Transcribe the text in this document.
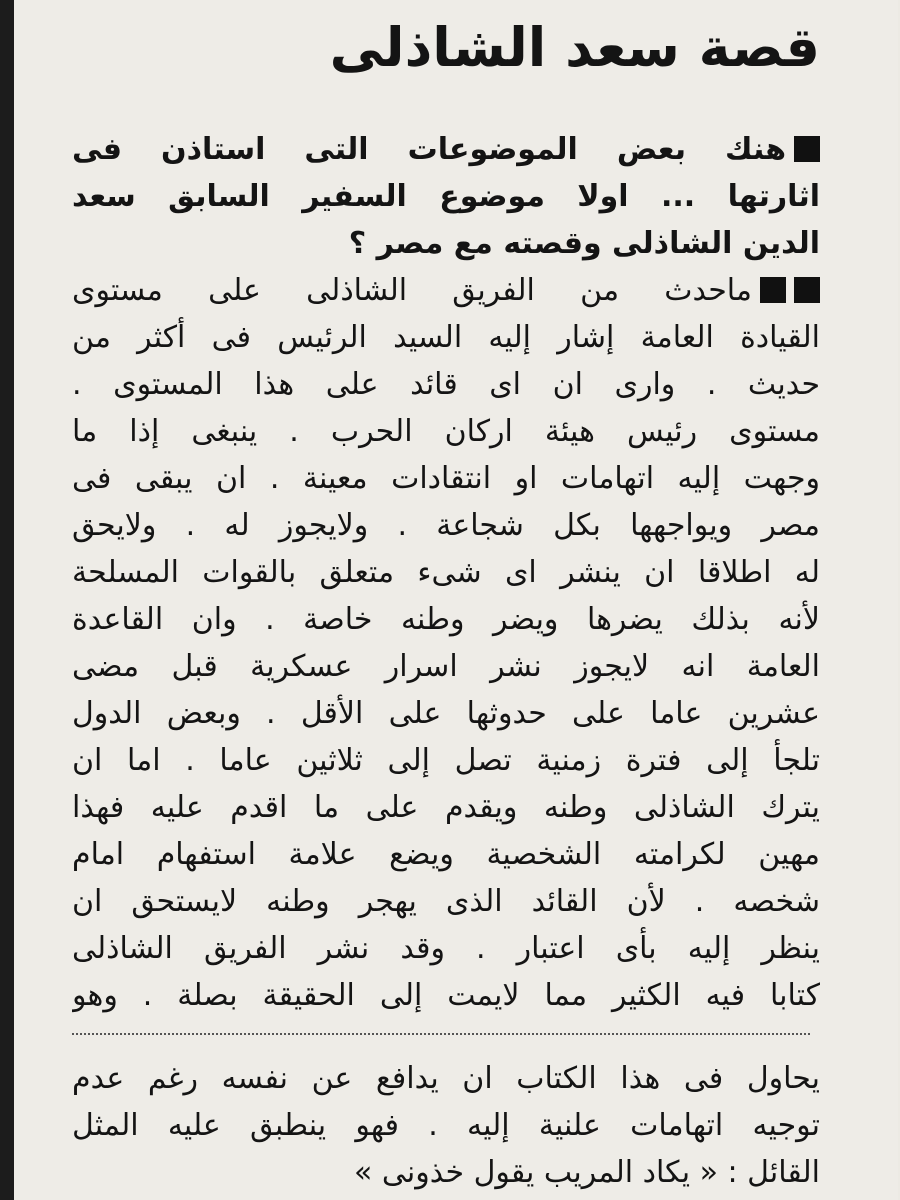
قصة سعد الشاذلى
هنك بعض الموضوعات التى استاذن فى
اثارتها ... اولا موضوع السفير السابق سعد
الدين الشاذلى وقصته مع مصر ؟
ماحدث من الفريق الشاذلى على مستوى
القيادة العامة إشار إليه السيد الرئيس فى أكثر من
حديث . وارى ان اى قائد على هذا المستوى .
مستوى رئيس هيئة اركان الحرب . ينبغى إذا ما
وجهت إليه اتهامات او انتقادات معينة . ان يبقى فى
مصر ويواجهها بكل شجاعة . ولايجوز له . ولايحق
له اطلاقا ان ينشر اى شىء متعلق بالقوات المسلحة
لأنه بذلك يضرها ويضر وطنه خاصة . وان القاعدة
العامة انه لايجوز نشر اسرار عسكرية قبل مضى
عشرين عاما على حدوثها على الأقل . وبعض الدول
تلجأ إلى فترة زمنية تصل إلى ثلاثين عاما . اما ان
يترك الشاذلى وطنه ويقدم على ما اقدم عليه فهذا
مهين لكرامته الشخصية ويضع علامة استفهام امام
شخصه . لأن القائد الذى يهجر وطنه لايستحق ان
ينظر إليه بأى اعتبار . وقد نشر الفريق الشاذلى
كتابا فيه الكثير مما لايمت إلى الحقيقة بصلة . وهو
يحاول فى هذا الكتاب ان يدافع عن نفسه رغم عدم
توجيه اتهامات علنية إليه . فهو ينطبق عليه المثل
القائل : « يكاد المريب يقول خذونى »
